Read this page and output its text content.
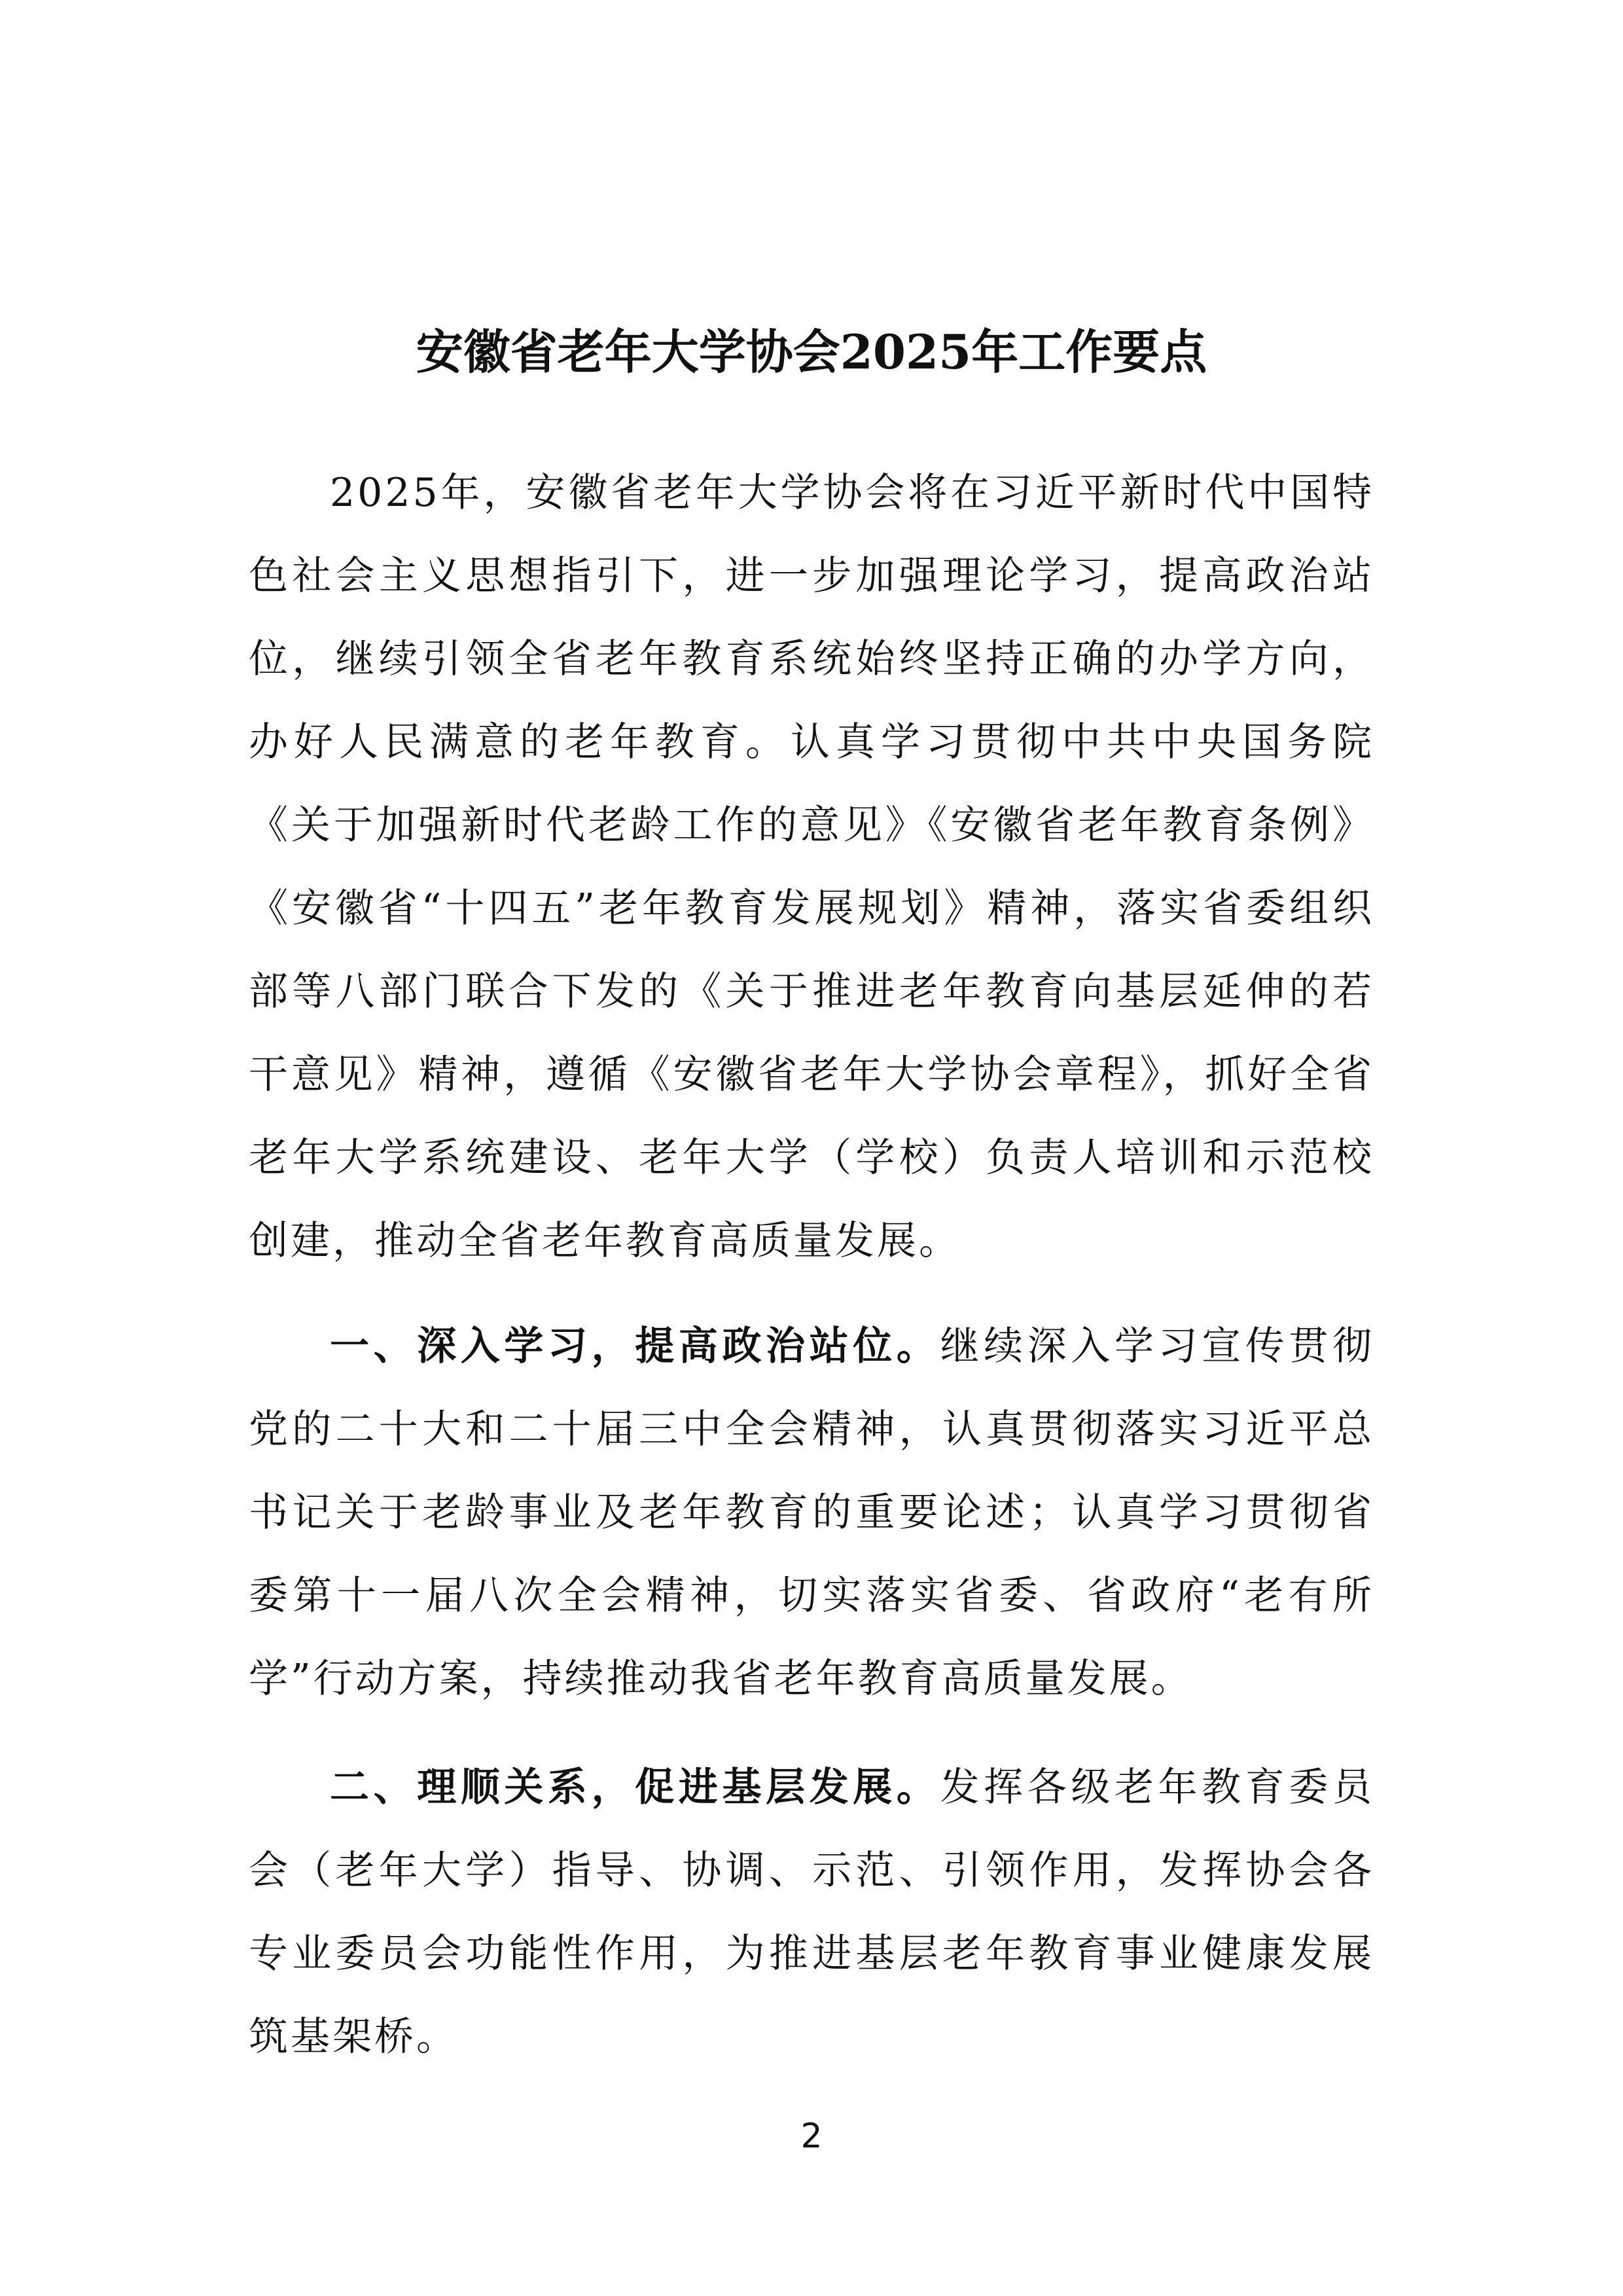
安徽省老年大学协会2025年工作要点

2025年，安徽省老年大学协会将在习近平新时代中国特色社会主义思想指引下，进一步加强理论学习，提高政治站位，继续引领全省老年教育系统始终坚持正确的办学方向，办好人民满意的老年教育。认真学习贯彻中共中央国务院《关于加强新时代老龄工作的意见》《安徽省老年教育条例》《安徽省“十四五”老年教育发展规划》精神，落实省委组织部等八部门联合下发的《关于推进老年教育向基层延伸的若干意见》精神，遵循《安徽省老年大学协会章程》，抓好全省老年大学系统建设、老年大学（学校）负责人培训和示范校创建，推动全省老年教育高质量发展。

一、深入学习，提高政治站位。继续深入学习宣传贯彻党的二十大和二十届三中全会精神，认真贯彻落实习近平总书记关于老龄事业及老年教育的重要论述；认真学习贯彻省委第十一届八次全会精神，切实落实省委、省政府“老有所学”行动方案，持续推动我省老年教育高质量发展。

二、理顺关系，促进基层发展。发挥各级老年教育委员会（老年大学）指导、协调、示范、引领作用，发挥协会各专业委员会功能性作用，为推进基层老年教育事业健康发展筑基架桥。

2
